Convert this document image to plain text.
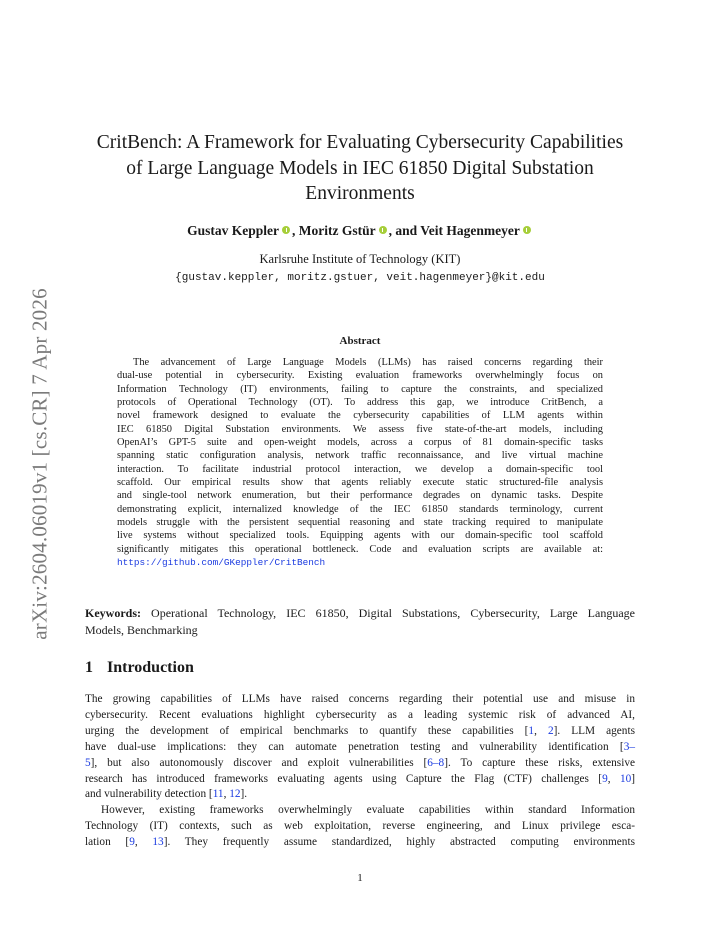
arXiv:2604.06019v1 [cs.CR] 7 Apr 2026
CritBench: A Framework for Evaluating Cybersecurity Capabilities
of Large Language Models in IEC 61850 Digital Substation
Environments
Gustav Keppler , Moritz Gstür , and Veit Hagenmeyer
Karlsruhe Institute of Technology (KIT)
{gustav.keppler, moritz.gstuer, veit.hagenmeyer}@kit.edu
Abstract
The advancement of Large Language Models (LLMs) has raised concerns regarding their
dual-use potential in cybersecurity. Existing evaluation frameworks overwhelmingly focus on
Information Technology (IT) environments, failing to capture the constraints, and specialized
protocols of Operational Technology (OT). To address this gap, we introduce CritBench, a
novel framework designed to evaluate the cybersecurity capabilities of LLM agents within
IEC 61850 Digital Substation environments. We assess five state-of-the-art models, including
OpenAI’s GPT-5 suite and open-weight models, across a corpus of 81 domain-specific tasks
spanning static configuration analysis, network traffic reconnaissance, and live virtual machine
interaction. To facilitate industrial protocol interaction, we develop a domain-specific tool
scaffold. Our empirical results show that agents reliably execute static structured-file analysis
and single-tool network enumeration, but their performance degrades on dynamic tasks. Despite
demonstrating explicit, internalized knowledge of the IEC 61850 standards terminology, current
models struggle with the persistent sequential reasoning and state tracking required to manipulate
live systems without specialized tools. Equipping agents with our domain-specific tool scaffold
significantly mitigates this operational bottleneck. Code and evaluation scripts are available at:
https://github.com/GKeppler/CritBench
Keywords: Operational Technology, IEC 61850, Digital Substations, Cybersecurity, Large Language
Models, Benchmarking
1 Introduction
The growing capabilities of LLMs have raised concerns regarding their potential use and misuse in
cybersecurity. Recent evaluations highlight cybersecurity as a leading systemic risk of advanced AI,
urging the development of empirical benchmarks to quantify these capabilities [1, 2]. LLM agents
have dual-use implications: they can automate penetration testing and vulnerability identification [3–
5], but also autonomously discover and exploit vulnerabilities [6–8]. To capture these risks, extensive
research has introduced frameworks evaluating agents using Capture the Flag (CTF) challenges [9, 10]
and vulnerability detection [11, 12].
However, existing frameworks overwhelmingly evaluate capabilities within standard Information
Technology (IT) contexts, such as web exploitation, reverse engineering, and Linux privilege esca-
lation [9, 13]. They frequently assume standardized, highly abstracted computing environments
1
